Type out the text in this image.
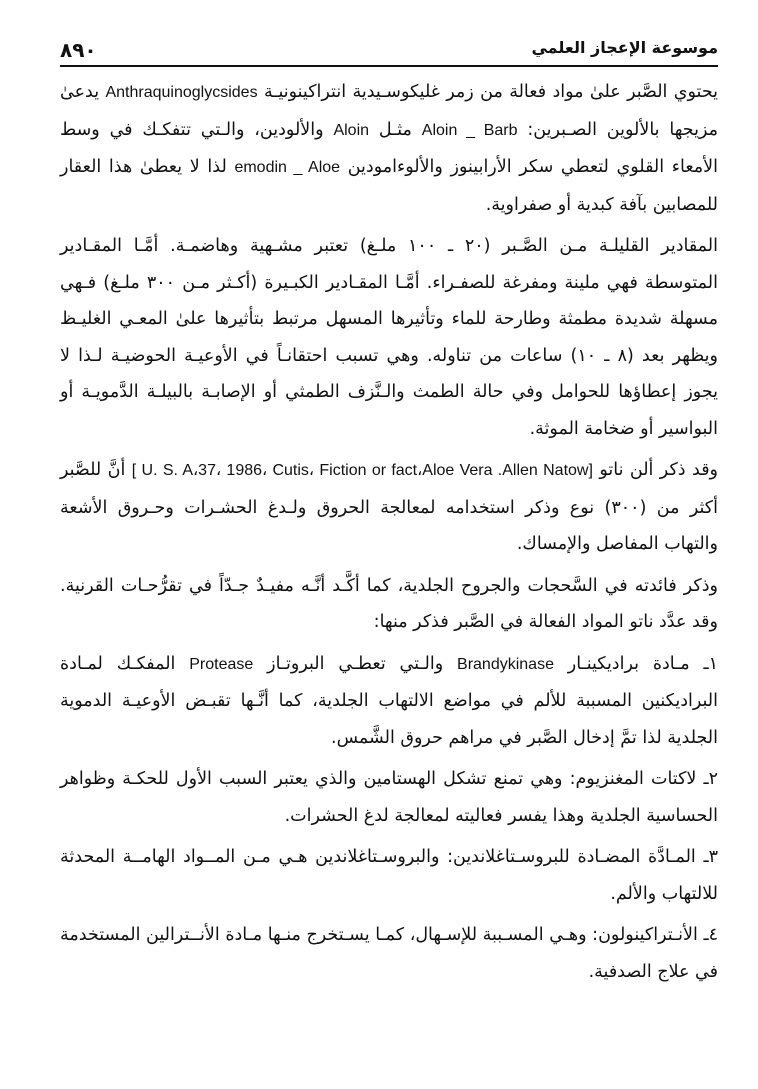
٨٩٠	موسوعة الإعجاز العلمي

يحتوي الصَّبر علىٰ مواد فعالة من زمر غليكوسـيدية انتراكينونيـة Anthraquinoglycsides يدعىٰ مزيجها بالألوين الصـبرين: Aloin _ Barb مثـل Aloin والألودين، والـتي تتفكـك في وسط الأمعاء القلوي لتعطي سكر الأرابينوز والألوءامودين emodin _ Aloe لذا لا يعطىٰ هذا العقار للمصابين بآفة كبدية أو صفراوية.

المقادير القليلـة مـن الصَّـبر (٢٠ ـ ١٠٠ ملـغ) تعتبر مشـهية وهاضمـة. أمَّـا المقـادير المتوسطة فهي ملينة ومفرغة للصفـراء. أمَّـا المقـادير الكبـيرة (أكـثر مـن ٣٠٠ ملـغ) فـهي مسهلة شديدة مطمثة وطارحة للماء وتأثيرها المسهل مرتبط بتأثيرها علىٰ المعـي الغليـظ ويظهر بعد (٨ ـ ١٠) ساعات من تناوله. وهي تسبب احتقانـاً في الأوعيـة الحوضيـة لـذا لا يجوز إعطاؤها للحوامل وفي حالة الطمث والـنَّزف الطمثي أو الإصابـة بالبيلـة الدَّمويـة أو البواسير أو ضخامة الموثة.

وقد ذكر ألن ناتو [ U. S. A،37، 1986، Cutis، Fiction or fact،Aloe Vera .Allen Natow] أنَّ للصَّبر أكثر من (٣٠٠) نوع وذكر استخدامه لمعالجة الحروق ولـدغ الحشـرات وحـروق الأشعة والتهاب المفاصل والإمساك.

وذكر فائدته في السَّحجات والجروح الجلدية، كما أكَّـد أنَّـه مفيـدٌ جـدّاً في تقرُّحـات القرنية. وقد عدَّد ناتو المواد الفعالة في الصَّبر فذكر منها:

١ـ مـادة براديكينـار Brandykinase والـتي تعطـي البروتـاز Protease المفكـك لمـادة البراديكنين المسببة للألم في مواضع الالتهاب الجلدية، كما أنَّـها تقبـض الأوعيـة الدموية الجلدية لذا تمَّ إدخال الصَّبر في مراهم حروق الشَّمس.

٢ـ لاكتات المغنزيوم: وهي تمنع تشكل الهستامين والذي يعتبر السبب الأول للحكـة وظواهر الحساسية الجلدية وهذا يفسر فعاليته لمعالجة لدغ الحشرات.

٣ـ المـادَّة المضـادة للبروسـتاغلاندين: والبروسـتاغلاندين هـي مـن المــواد الهامــة المحدثة للالتهاب والألم.

٤ـ الأنـتراكينولون: وهـي المسـببة للإسـهال، كمـا يسـتخرج منـها مـادة الأنــترالين المستخدمة في علاج الصدفية.
